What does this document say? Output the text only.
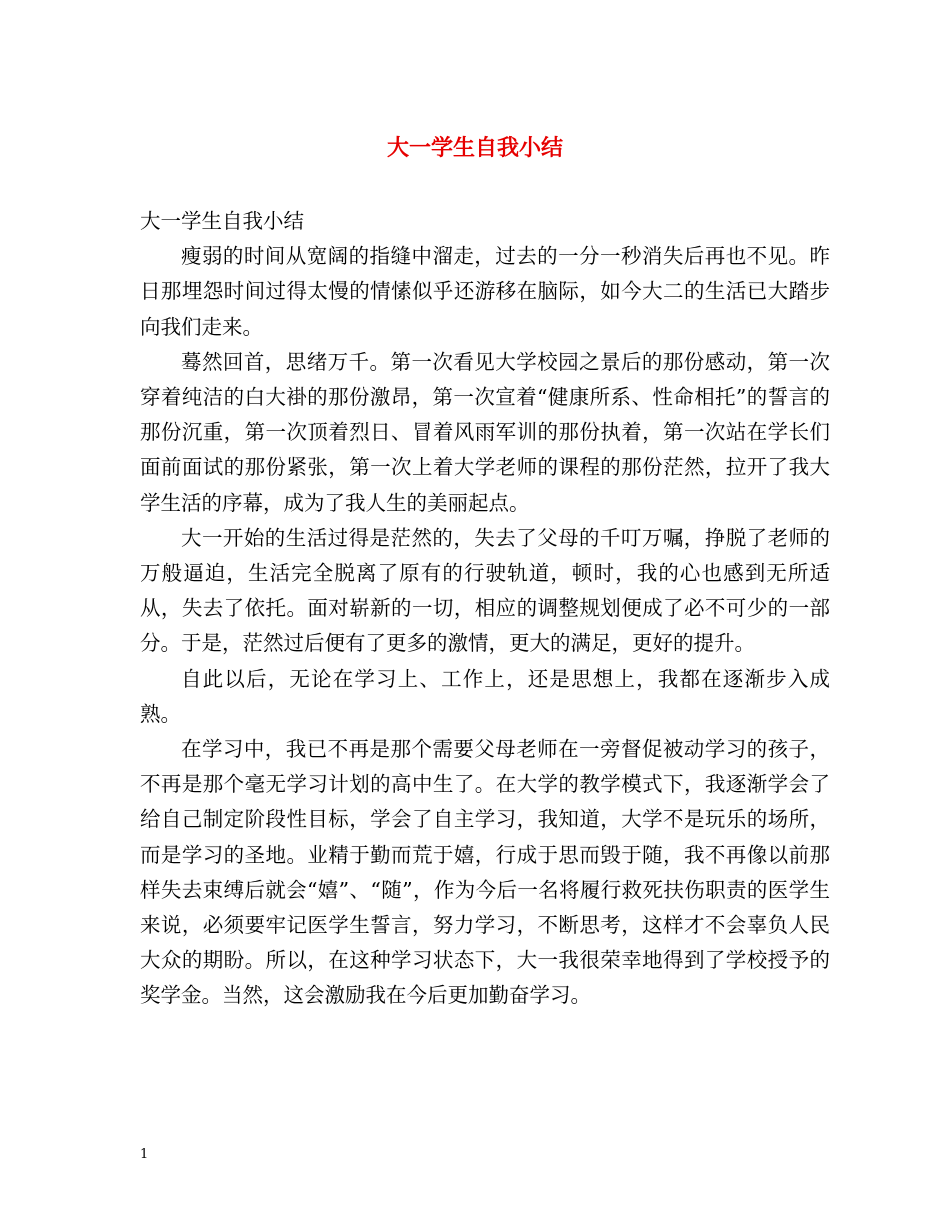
大一学生自我小结

大一学生自我小结

瘦弱的时间从宽阔的指缝中溜走，过去的一分一秒消失后再也不见。昨日那埋怨时间过得太慢的情愫似乎还游移在脑际，如今大二的生活已大踏步向我们走来。

蓦然回首，思绪万千。第一次看见大学校园之景后的那份感动，第一次穿着纯洁的白大褂的那份激昂，第一次宣着“健康所系、性命相托”的誓言的那份沉重，第一次顶着烈日、冒着风雨军训的那份执着，第一次站在学长们面前面试的那份紧张，第一次上着大学老师的课程的那份茫然，拉开了我大学生活的序幕，成为了我人生的美丽起点。

大一开始的生活过得是茫然的，失去了父母的千叮万嘱，挣脱了老师的万般逼迫，生活完全脱离了原有的行驶轨道，顿时，我的心也感到无所适从，失去了依托。面对崭新的一切，相应的调整规划便成了必不可少的一部分。于是，茫然过后便有了更多的激情，更大的满足，更好的提升。

自此以后，无论在学习上、工作上，还是思想上，我都在逐渐步入成熟。

在学习中，我已不再是那个需要父母老师在一旁督促被动学习的孩子，不再是那个毫无学习计划的高中生了。在大学的教学模式下，我逐渐学会了给自己制定阶段性目标，学会了自主学习，我知道，大学不是玩乐的场所，而是学习的圣地。业精于勤而荒于嬉，行成于思而毁于随，我不再像以前那样失去束缚后就会“嬉”、“随”，作为今后一名将履行救死扶伤职责的医学生来说，必须要牢记医学生誓言，努力学习，不断思考，这样才不会辜负人民大众的期盼。所以，在这种学习状态下，大一我很荣幸地得到了学校授予的奖学金。当然，这会激励我在今后更加勤奋学习。

1
